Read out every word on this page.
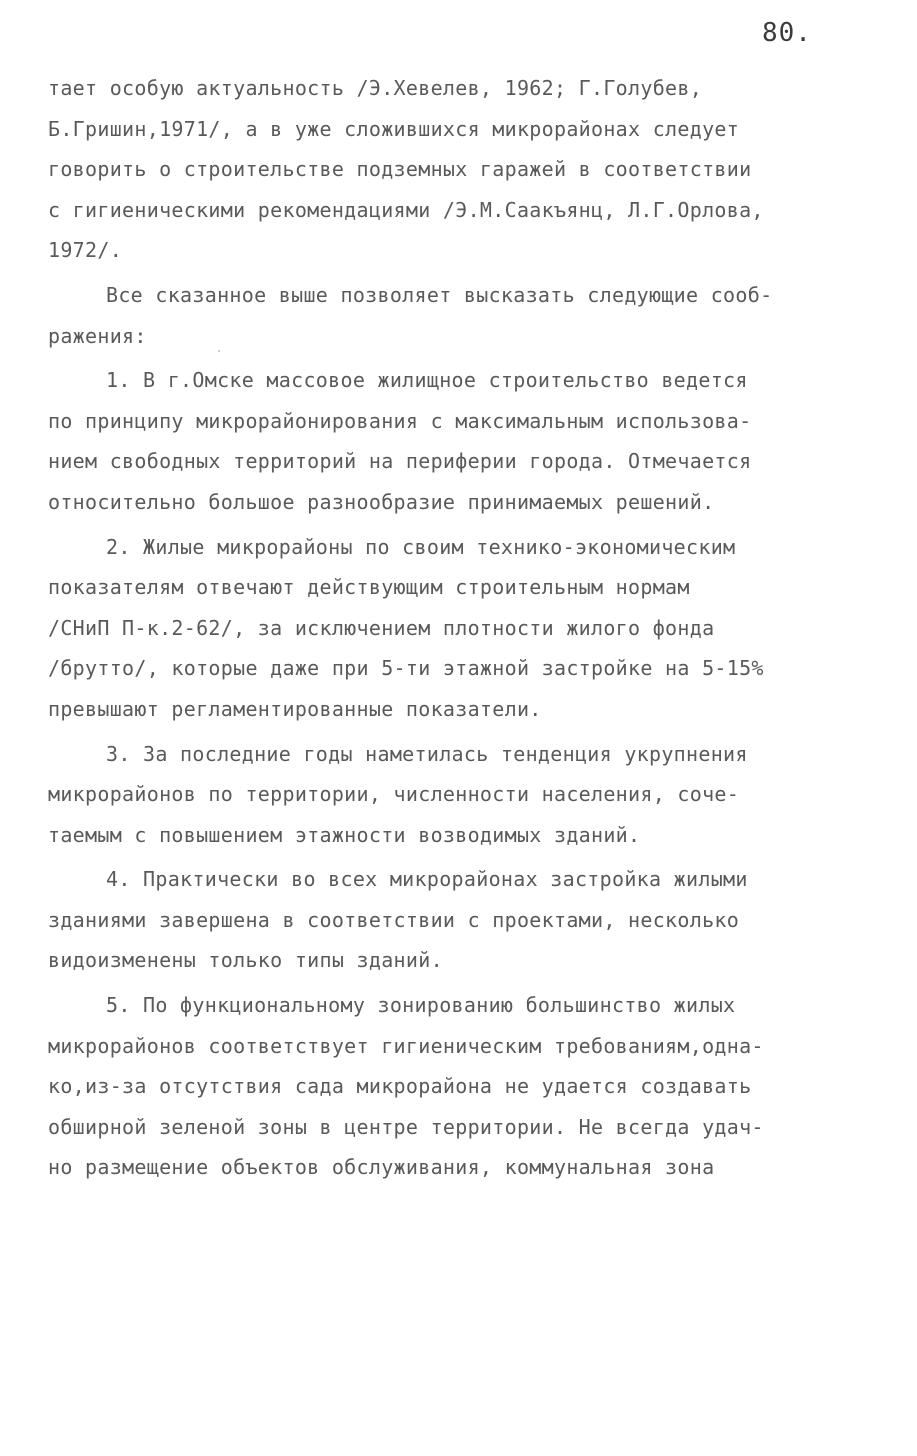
80.
тает особую актуальность /Э.Хевелев, 1962; Г.Голубев,
Б.Гришин,1971/, а в уже сложившихся микрорайонах следует
говорить о строительстве подземных гаражей в соответствии
с гигиеническими рекомендациями /Э.М.Саакъянц, Л.Г.Орлова,
1972/.
Все сказанное выше позволяет высказать следующие сооб-
ражения:
1. В г.Омске массовое жилищное строительство ведется
по принципу микрорайонирования с максимальным использова-
нием свободных территорий на периферии города. Отмечается
относительно большое разнообразие принимаемых решений.
2. Жилые микрорайоны по своим технико-экономическим
показателям отвечают действующим строительным нормам
/СНиП П-к.2-62/, за исключением плотности жилого фонда
/брутто/, которые даже при 5-ти этажной застройке на 5-15%
превышают регламентированные показатели.
3. За последние годы наметилась тенденция укрупнения
микрорайонов по территории, численности населения, соче-
таемым с повышением этажности возводимых зданий.
4. Практически во всех микрорайонах застройка жилыми
зданиями завершена в соответствии с проектами, несколько
видоизменены только типы зданий.
5. По функциональному зонированию большинство жилых
микрорайонов соответствует гигиеническим требованиям,одна-
ко,из-за отсутствия сада микрорайона не удается создавать
обширной зеленой зоны в центре территории. Не всегда удач-
но размещение объектов обслуживания, коммунальная зона
